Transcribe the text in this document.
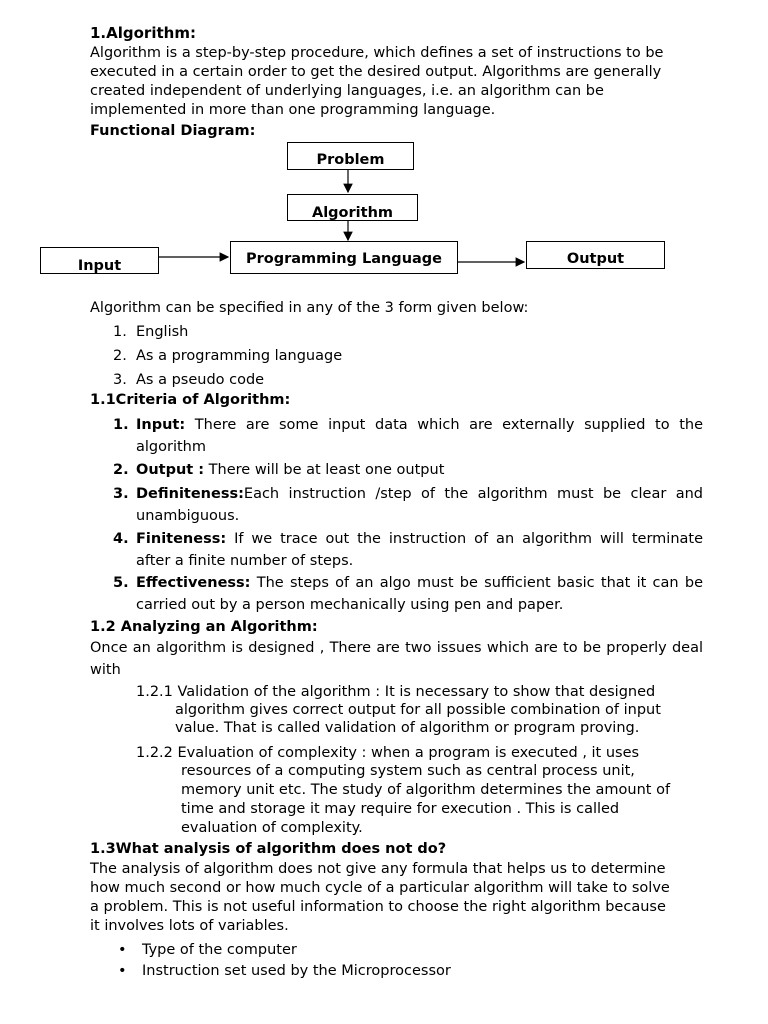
1.Algorithm:
Algorithm is a step-by-step procedure, which defines a set of instructions to be
executed in a certain order to get the desired output. Algorithms are generally
created independent of underlying languages, i.e. an algorithm can be
implemented in more than one programming language.
Functional Diagram:
Problem
Algorithm
Input	Programming Language	Output
Algorithm can be specified in any of the 3 form given below:
1. English
2. As a programming language
3. As a pseudo code
1.1Criteria of Algorithm:
1. Input: There are some input data which are externally supplied to the algorithm
2. Output : There will be at least one output
3. Definiteness:Each instruction /step of the algorithm must be clear and unambiguous.
4. Finiteness: If we trace out the instruction of an algorithm will terminate after a finite number of steps.
5. Effectiveness: The steps of an algo must be sufficient basic that it can be carried out by a person mechanically using pen and paper.
1.2 Analyzing an Algorithm:
Once an algorithm is designed , There are two issues which are to be properly deal with
1.2.1 Validation of the algorithm : It is necessary to show that designed
algorithm gives correct output for all possible combination of input
value. That is called validation of algorithm or program proving.
1.2.2 Evaluation of complexity : when a program is executed , it uses
resources of a computing system such as central process unit,
memory unit etc. The study of algorithm determines the amount of
time and storage it may require for execution . This is called
evaluation of complexity.
1.3What analysis of algorithm does not do?
The analysis of algorithm does not give any formula that helps us to determine
how much second or how much cycle of a particular algorithm will take to solve
a problem. This is not useful information to choose the right algorithm because
it involves lots of variables.
• Type of the computer
• Instruction set used by the Microprocessor
